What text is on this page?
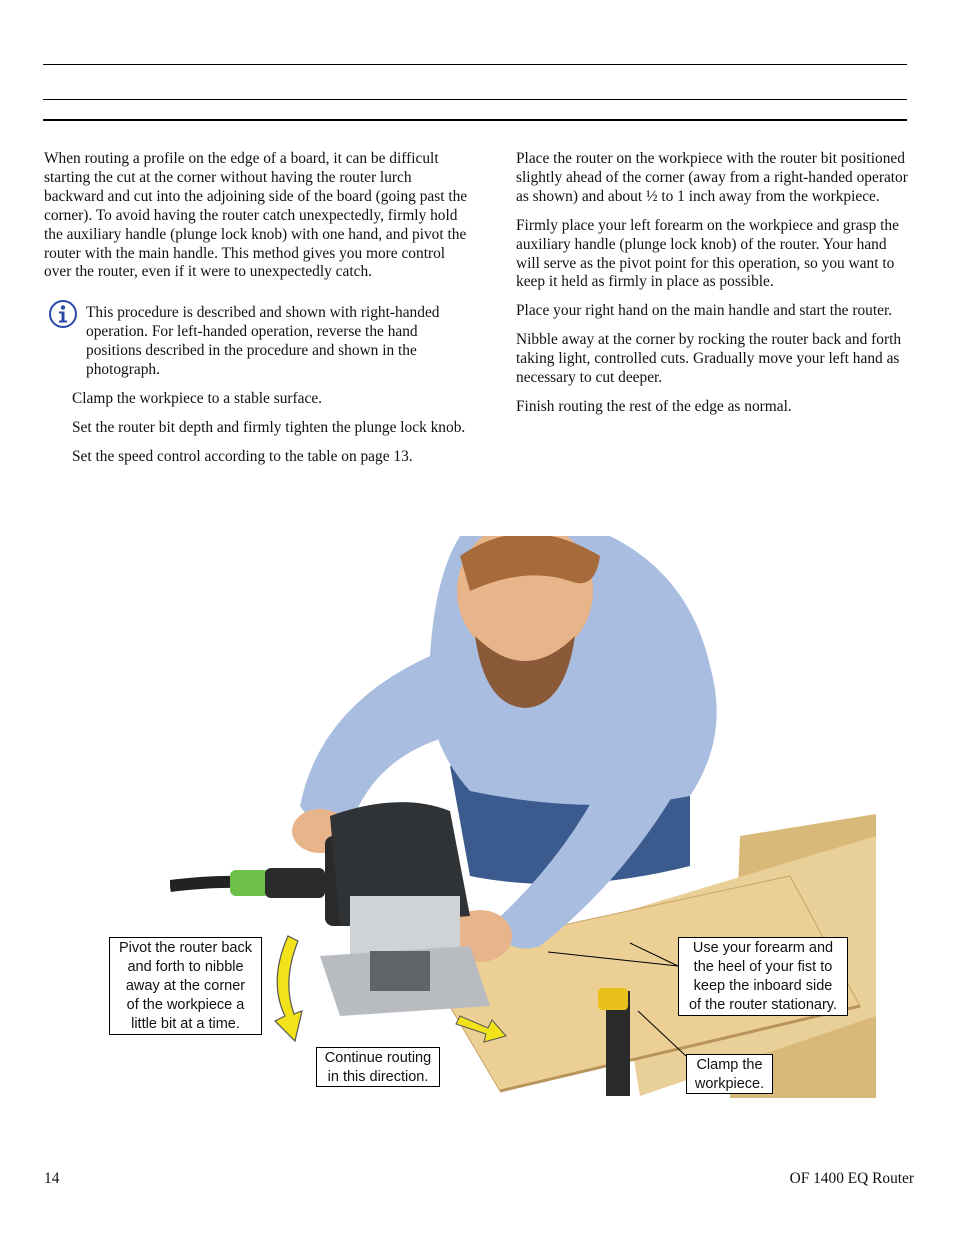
When routing a profile on the edge of a board, it can be difficult starting the cut at the corner without having the router lurch backward and cut into the adjoining side of the board (going past the corner). To avoid having the router catch unexpectedly, firmly hold the auxiliary handle (plunge lock knob) with one hand, and pivot the router with the main handle. This method gives you more control over the router, even if it were to unexpectedly catch.

This procedure is described and shown with right-handed operation. For left-handed operation, reverse the hand positions described in the procedure and shown in the photograph.

Clamp the workpiece to a stable surface.

Set the router bit depth and firmly tighten the plunge lock knob.

Set the speed control according to the table on page 13.

Place the router on the workpiece with the router bit positioned slightly ahead of the corner (away from a right-handed operator as shown) and about ½ to 1 inch away from the workpiece.

Firmly place your left forearm on the workpiece and grasp the auxiliary handle (plunge lock knob) of the router. Your hand will serve as the pivot point for this operation, so you want to keep it held as firmly in place as possible.

Place your right hand on the main handle and start the router.

Nibble away at the corner by rocking the router back and forth taking light, controlled cuts. Gradually move your left hand as necessary to cut deeper.

Finish routing the rest of the edge as normal.

Pivot the router back
and forth to nibble
away at the corner
of the workpiece a
little bit at a time.
Use your forearm and
the heel of your fist to
keep the inboard side
of the router stationary.
Continue routing
in this direction.
Clamp the
workpiece.
14	OF 1400 EQ Router
